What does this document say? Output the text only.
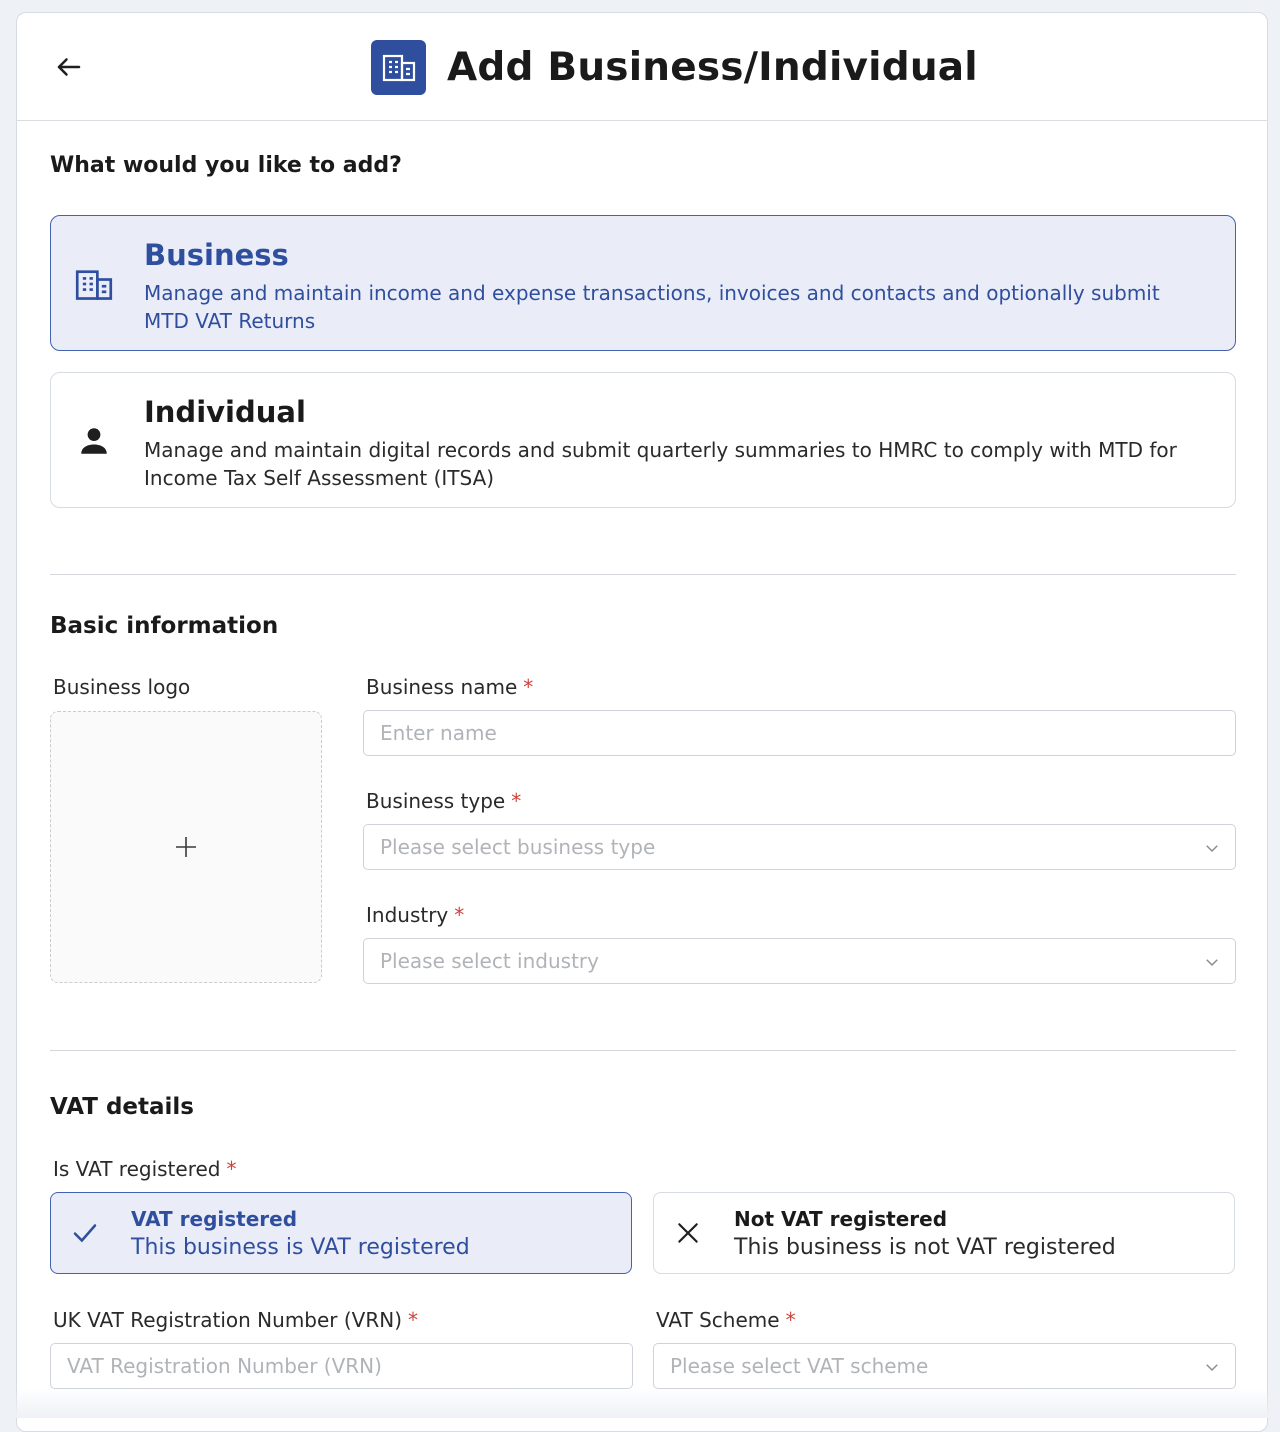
Add Business/Individual
What would you like to add?
Business
Manage and maintain income and expense transactions, invoices and contacts and optionally submit MTD VAT Returns
Individual
Manage and maintain digital records and submit quarterly summaries to HMRC to comply with MTD for Income Tax Self Assessment (ITSA)
Basic information
Business logo	Business name *
Enter name
Business type *
Please select business type
Industry *
Please select industry
VAT details
Is VAT registered *
VAT registered
This business is VAT registered
Not VAT registered
This business is not VAT registered
UK VAT Registration Number (VRN) *
VAT Registration Number (VRN)	VAT Scheme *
Please select VAT scheme
